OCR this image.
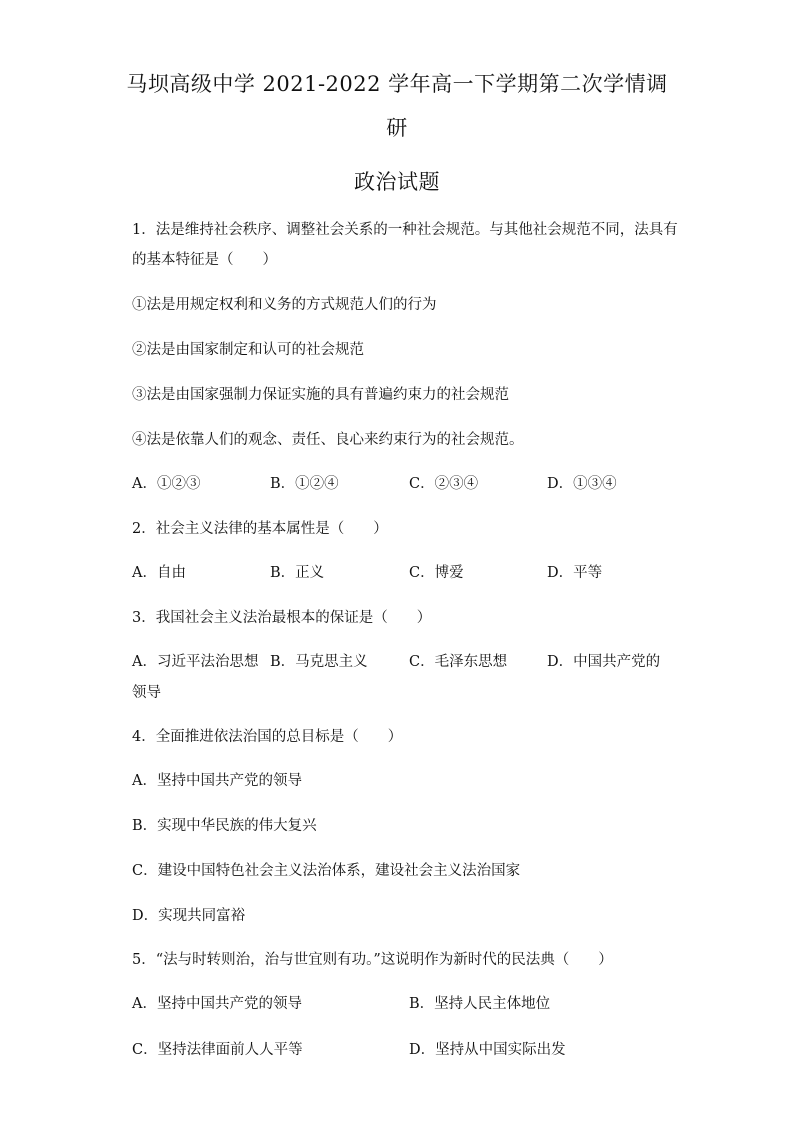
马坝高级中学 2021-2022 学年高一下学期第二次学情调
研
政治试题
1．法是维持社会秩序、调整社会关系的一种社会规范。与其他社会规范不同，法具有
的基本特征是（　　）
①法是用规定权利和义务的方式规范人们的行为
②法是由国家制定和认可的社会规范
③法是由国家强制力保证实施的具有普遍约束力的社会规范
④法是依靠人们的观念、责任、良心来约束行为的社会规范。
A．①②③	B．①②④	C．②③④	D．①③④
2．社会主义法律的基本属性是（　　）
A．自由	B．正义	C．博爱	D．平等
3．我国社会主义法治最根本的保证是（　　）
A．习近平法治思想 B．马克思主义	C．毛泽东思想	D．中国共产党的
领导
4．全面推进依法治国的总目标是（　　）
A．坚持中国共产党的领导
B．实现中华民族的伟大复兴
C．建设中国特色社会主义法治体系，建设社会主义法治国家
D．实现共同富裕
5．“法与时转则治，治与世宜则有功。”这说明作为新时代的民法典（　　）
A．坚持中国共产党的领导	B．坚持人民主体地位
C．坚持法律面前人人平等	D．坚持从中国实际出发
